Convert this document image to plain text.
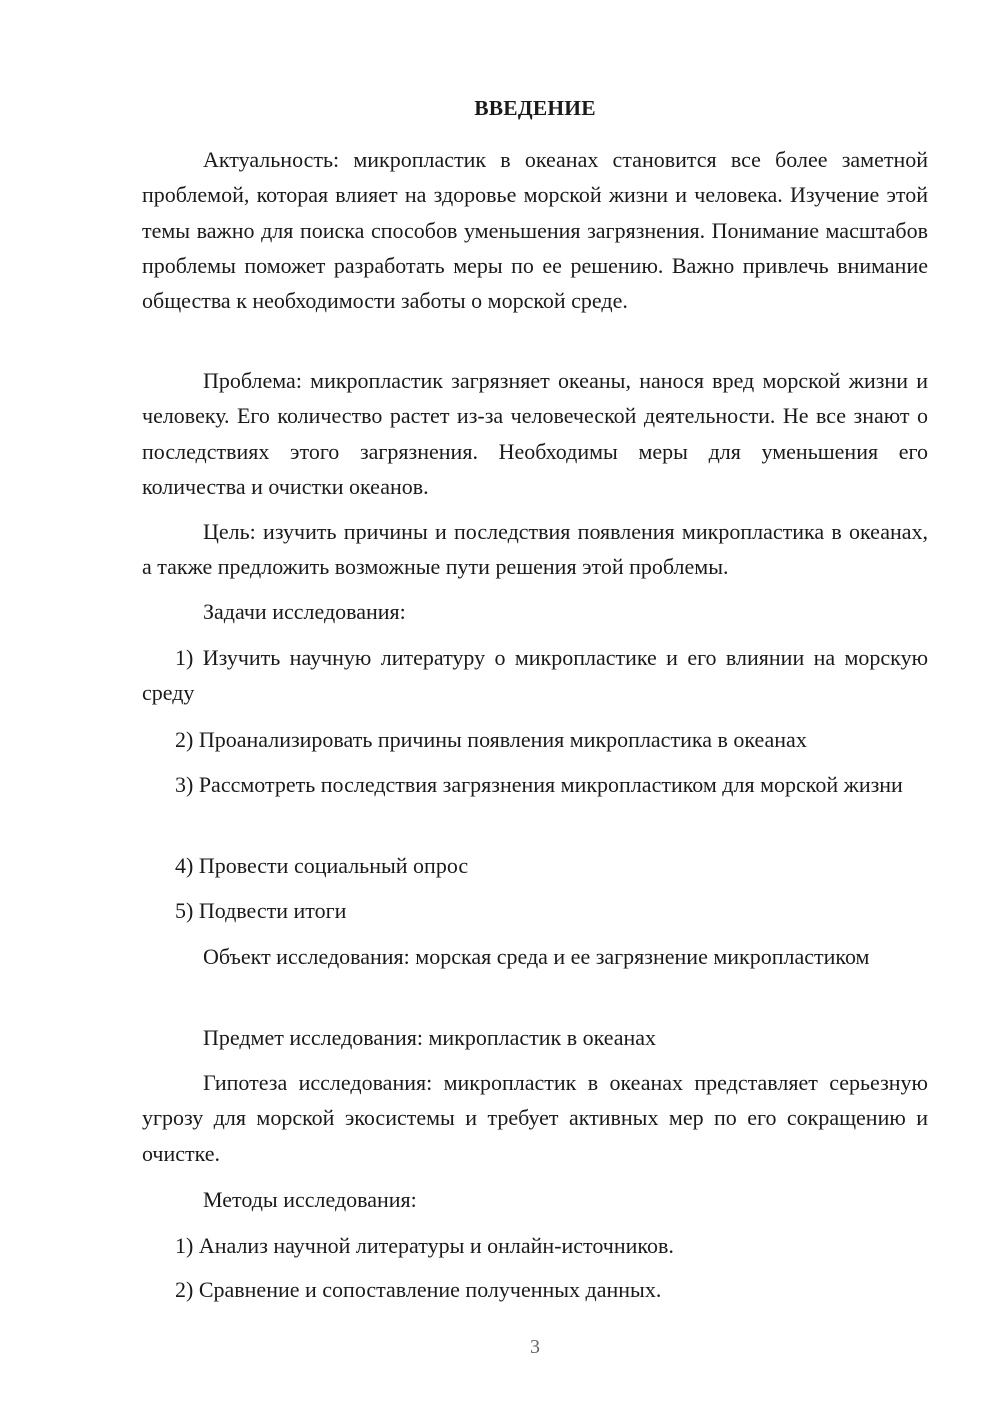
ВВЕДЕНИЕ

Актуальность: микропластик в океанах становится все более заметной проблемой, которая влияет на здоровье морской жизни и человека. Изучение этой темы важно для поиска способов уменьшения загрязнения. Понимание масштабов проблемы поможет разработать меры по ее решению. Важно привлечь внимание общества к необходимости заботы о морской среде.

Проблема: микропластик загрязняет океаны, нанося вред морской жизни и человеку. Его количество растет из-за человеческой деятельности. Не все знают о последствиях этого загрязнения. Необходимы меры для уменьшения его количества и очистки океанов.

Цель: изучить причины и последствия появления микропластика в океанах, а также предложить возможные пути решения этой проблемы.

Задачи исследования:

1) Изучить научную литературу о микропластике и его влиянии на морскую среду

2) Проанализировать причины появления микропластика в океанах

3) Рассмотреть последствия загрязнения микропластиком для морской жизни

4) Провести социальный опрос

5) Подвести итоги

Объект исследования: морская среда и ее загрязнение микропластиком

Предмет исследования: микропластик в океанах

Гипотеза исследования: микропластик в океанах представляет серьезную угрозу для морской экосистемы и требует активных мер по его сокращению и очистке.

Методы исследования:

1) Анализ научной литературы и онлайн-источников.

2) Сравнение и сопоставление полученных данных.

3
